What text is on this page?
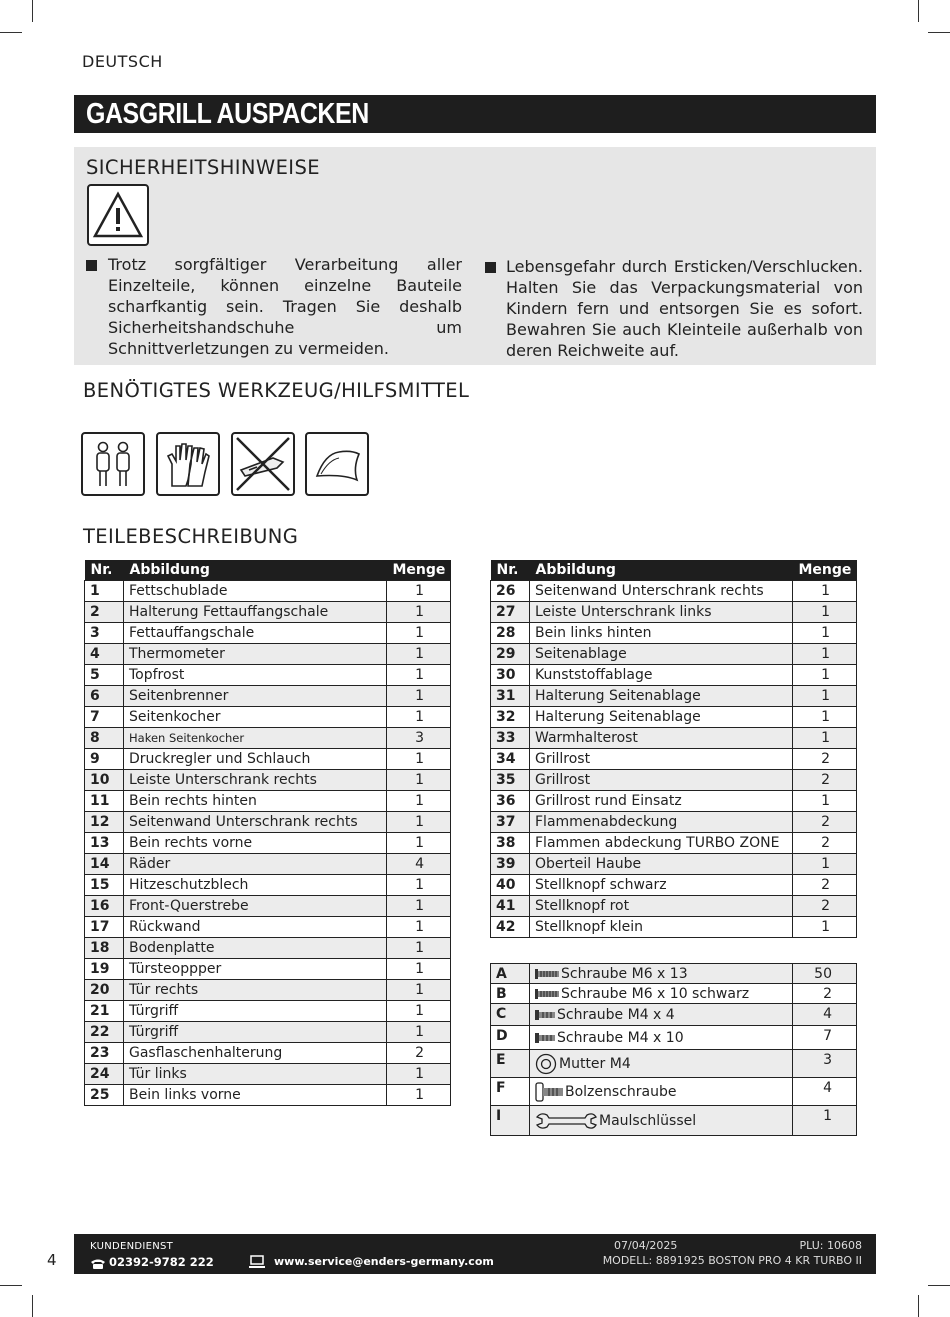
DEUTSCH
GASGRILL AUSPACKEN
SICHERHEITSHINWEISE
Trotz sorgfältiger Verarbeitung aller Einzelteile, können einzelne Bauteile scharfkantig sein. Tragen Sie deshalb Sicherheitshandschuhe um Schnittverletzungen zu vermeiden.
Lebensgefahr durch Ersticken/Verschlucken. Halten Sie das Verpackungsmaterial von Kindern fern und entsorgen Sie es sofort. Bewahren Sie auch Kleinteile außerhalb von deren Reichweite auf.
BENÖTIGTES WERKZEUG/HILFSMITTEL
TEILEBESCHREIBUNG
Nr.	Abbildung	Menge
1	Fettschublade	1
2	Halterung Fettauffangschale	1
3	Fettauffangschale	1
4	Thermometer	1
5	Topfrost	1
6	Seitenbrenner	1
7	Seitenkocher	1
8	Haken Seitenkocher	3
9	Druckregler und Schlauch	1
10	Leiste Unterschrank rechts	1
11	Bein rechts hinten	1
12	Seitenwand Unterschrank rechts	1
13	Bein rechts vorne	1
14	Räder	4
15	Hitzeschutzblech	1
16	Front-Querstrebe	1
17	Rückwand	1
18	Bodenplatte	1
19	Türsteoppper	1
20	Tür rechts	1
21	Türgriff	1
22	Türgriff	1
23	Gasflaschenhalterung	2
24	Tür links	1
25	Bein links vorne	1
Nr.	Abbildung	Menge
26	Seitenwand Unterschrank rechts	1
27	Leiste Unterschrank links	1
28	Bein links hinten	1
29	Seitenablage	1
30	Kunststoffablage	1
31	Halterung Seitenablage	1
32	Halterung Seitenablage	1
33	Warmhalterost	1
34	Grillrost	2
35	Grillrost	2
36	Grillrost rund Einsatz	1
37	Flammenabdeckung	2
38	Flammen abdeckung TURBO ZONE	2
39	Oberteil Haube	1
40	Stellknopf schwarz	2
41	Stellknopf rot	2
42	Stellknopf klein	1
A	Schraube M6 x 13	50
B	Schraube M6 x 10 schwarz	2
C	Schraube M4 x 4	4
D	Schraube M4 x 10	7
E	Mutter M4	3
F	Bolzenschraube	4
I	Maulschlüssel	1
KUNDENDIENST
02392-9782 222	www.service@enders-germany.com
07/04/2025	PLU: 10608
MODELL: 8891925 BOSTON PRO 4 KR TURBO II
4
